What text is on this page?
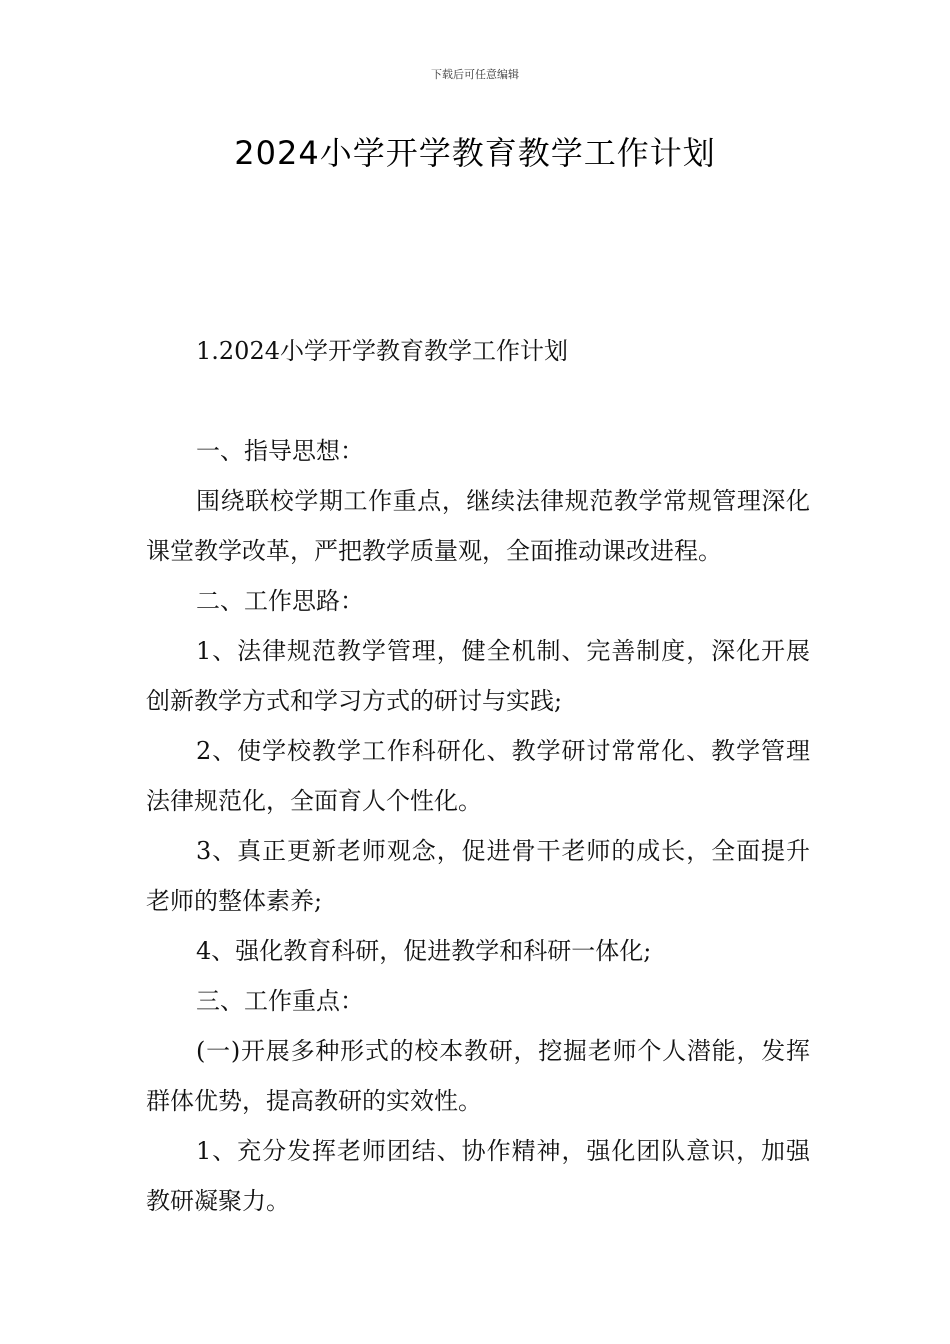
下载后可任意编辑
2024小学开学教育教学工作计划

1.2024小学开学教育教学工作计划

一、指导思想：

围绕联校学期工作重点，继续法律规范教学常规管理深化课堂教学改革，严把教学质量观，全面推动课改进程。

二、工作思路：

1、法律规范教学管理，健全机制、完善制度，深化开展创新教学方式和学习方式的研讨与实践;

2、使学校教学工作科研化、教学研讨常常化、教学管理法律规范化，全面育人个性化。

3、真正更新老师观念，促进骨干老师的成长，全面提升老师的整体素养;

4、强化教育科研，促进教学和科研一体化;

三、工作重点：

(一)开展多种形式的校本教研，挖掘老师个人潜能，发挥群体优势，提高教研的实效性。

1、充分发挥老师团结、协作精神，强化团队意识，加强教研凝聚力。
